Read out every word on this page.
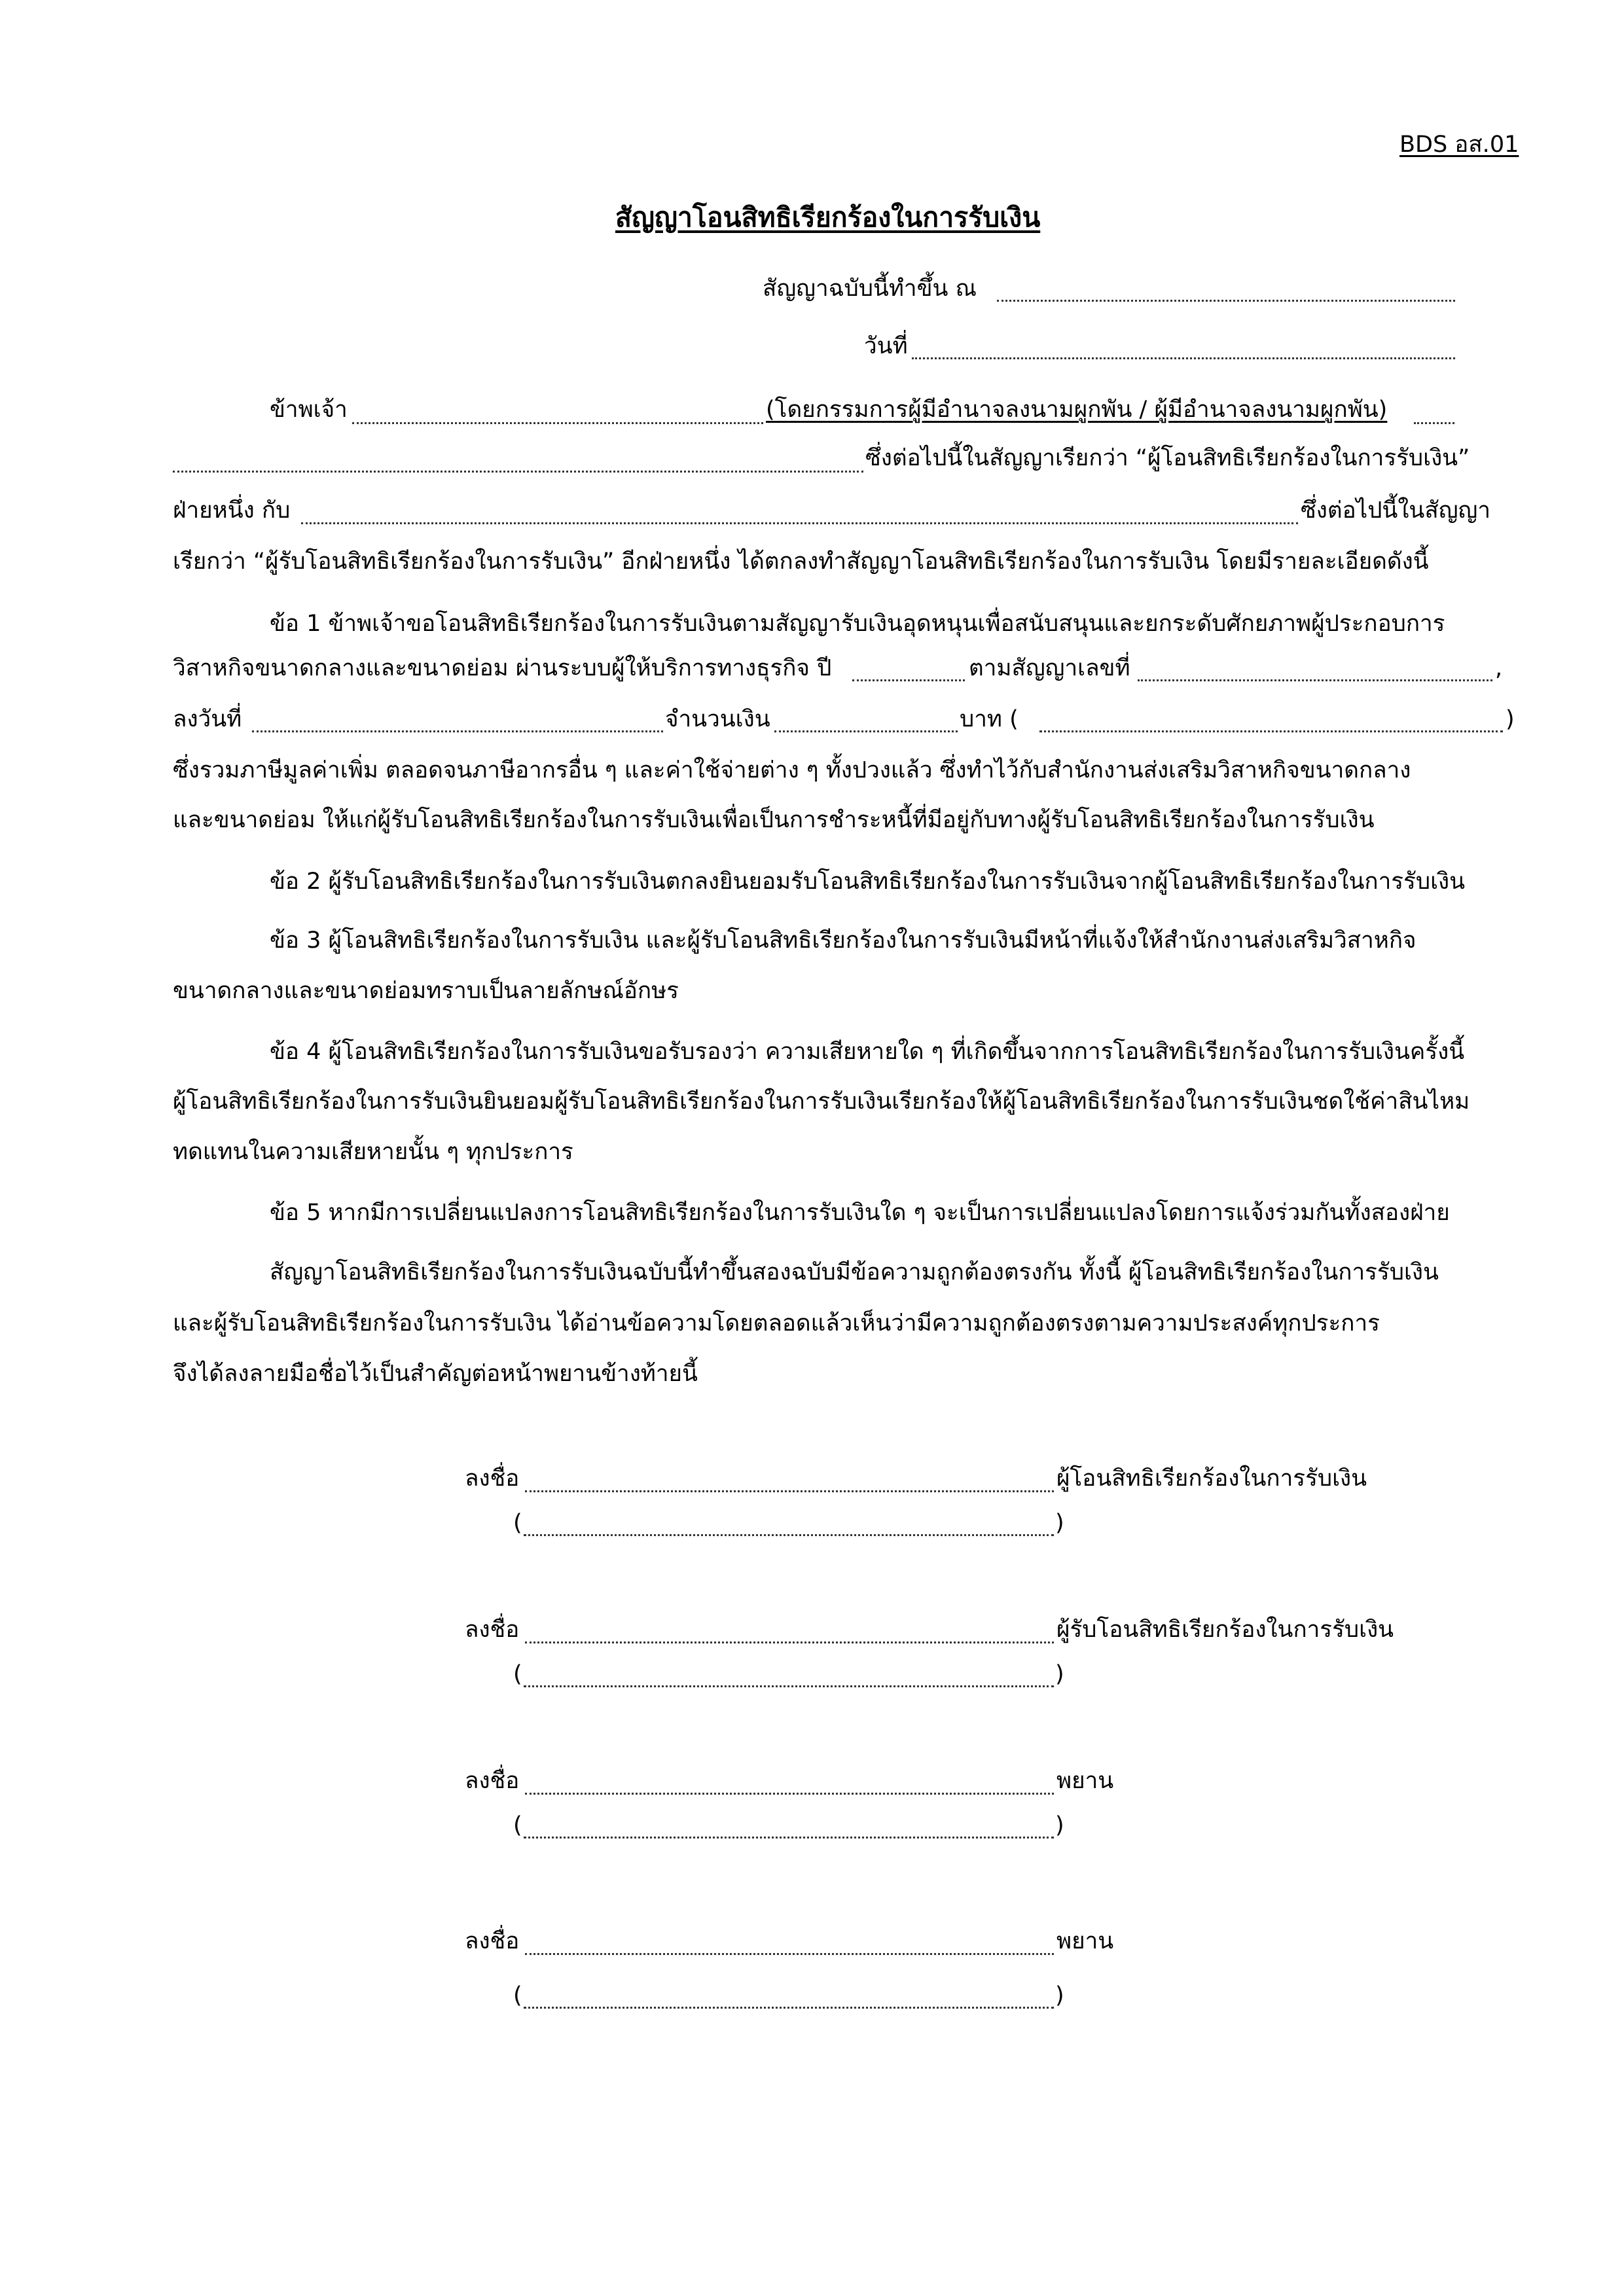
BDS อส.01
สัญญาโอนสิทธิเรียกร้องในการรับเงิน
สัญญาฉบับนี้ทำขึ้น ณ
วันที่
ข้าพเจ้า	(โดยกรรมการผู้มีอำนาจลงนามผูกพัน / ผู้มีอำนาจลงนามผูกพัน)
ซึ่งต่อไปนี้ในสัญญาเรียกว่า “ผู้โอนสิทธิเรียกร้องในการรับเงิน”
ฝ่ายหนึ่ง กับ	ซึ่งต่อไปนี้ในสัญญา
เรียกว่า “ผู้รับโอนสิทธิเรียกร้องในการรับเงิน” อีกฝ่ายหนึ่ง ได้ตกลงทำสัญญาโอนสิทธิเรียกร้องในการรับเงิน โดยมีรายละเอียดดังนี้
ข้อ 1 ข้าพเจ้าขอโอนสิทธิเรียกร้องในการรับเงินตามสัญญารับเงินอุดหนุนเพื่อสนับสนุนและยกระดับศักยภาพผู้ประกอบการ
วิสาหกิจขนาดกลางและขนาดย่อม ผ่านระบบผู้ให้บริการทางธุรกิจ ปี	ตามสัญญาเลขที่	,
ลงวันที่	จำนวนเงิน	บาท (	)
ซึ่งรวมภาษีมูลค่าเพิ่ม ตลอดจนภาษีอากรอื่น ๆ และค่าใช้จ่ายต่าง ๆ ทั้งปวงแล้ว ซึ่งทำไว้กับสำนักงานส่งเสริมวิสาหกิจขนาดกลาง
และขนาดย่อม ให้แก่ผู้รับโอนสิทธิเรียกร้องในการรับเงินเพื่อเป็นการชำระหนี้ที่มีอยู่กับทางผู้รับโอนสิทธิเรียกร้องในการรับเงิน
ข้อ 2 ผู้รับโอนสิทธิเรียกร้องในการรับเงินตกลงยินยอมรับโอนสิทธิเรียกร้องในการรับเงินจากผู้โอนสิทธิเรียกร้องในการรับเงิน
ข้อ 3 ผู้โอนสิทธิเรียกร้องในการรับเงิน และผู้รับโอนสิทธิเรียกร้องในการรับเงินมีหน้าที่แจ้งให้สำนักงานส่งเสริมวิสาหกิจ
ขนาดกลางและขนาดย่อมทราบเป็นลายลักษณ์อักษร
ข้อ 4 ผู้โอนสิทธิเรียกร้องในการรับเงินขอรับรองว่า ความเสียหายใด ๆ ที่เกิดขึ้นจากการโอนสิทธิเรียกร้องในการรับเงินครั้งนี้
ผู้โอนสิทธิเรียกร้องในการรับเงินยินยอมผู้รับโอนสิทธิเรียกร้องในการรับเงินเรียกร้องให้ผู้โอนสิทธิเรียกร้องในการรับเงินชดใช้ค่าสินไหม
ทดแทนในความเสียหายนั้น ๆ ทุกประการ
ข้อ 5 หากมีการเปลี่ยนแปลงการโอนสิทธิเรียกร้องในการรับเงินใด ๆ จะเป็นการเปลี่ยนแปลงโดยการแจ้งร่วมกันทั้งสองฝ่าย
สัญญาโอนสิทธิเรียกร้องในการรับเงินฉบับนี้ทำขึ้นสองฉบับมีข้อความถูกต้องตรงกัน ทั้งนี้ ผู้โอนสิทธิเรียกร้องในการรับเงิน
และผู้รับโอนสิทธิเรียกร้องในการรับเงิน ได้อ่านข้อความโดยตลอดแล้วเห็นว่ามีความถูกต้องตรงตามความประสงค์ทุกประการ
จึงได้ลงลายมือชื่อไว้เป็นสำคัญต่อหน้าพยานข้างท้ายนี้
ลงชื่อ	ผู้โอนสิทธิเรียกร้องในการรับเงิน
(	)
ลงชื่อ	ผู้รับโอนสิทธิเรียกร้องในการรับเงิน
(	)
ลงชื่อ	พยาน
(	)
ลงชื่อ	พยาน
(	)
